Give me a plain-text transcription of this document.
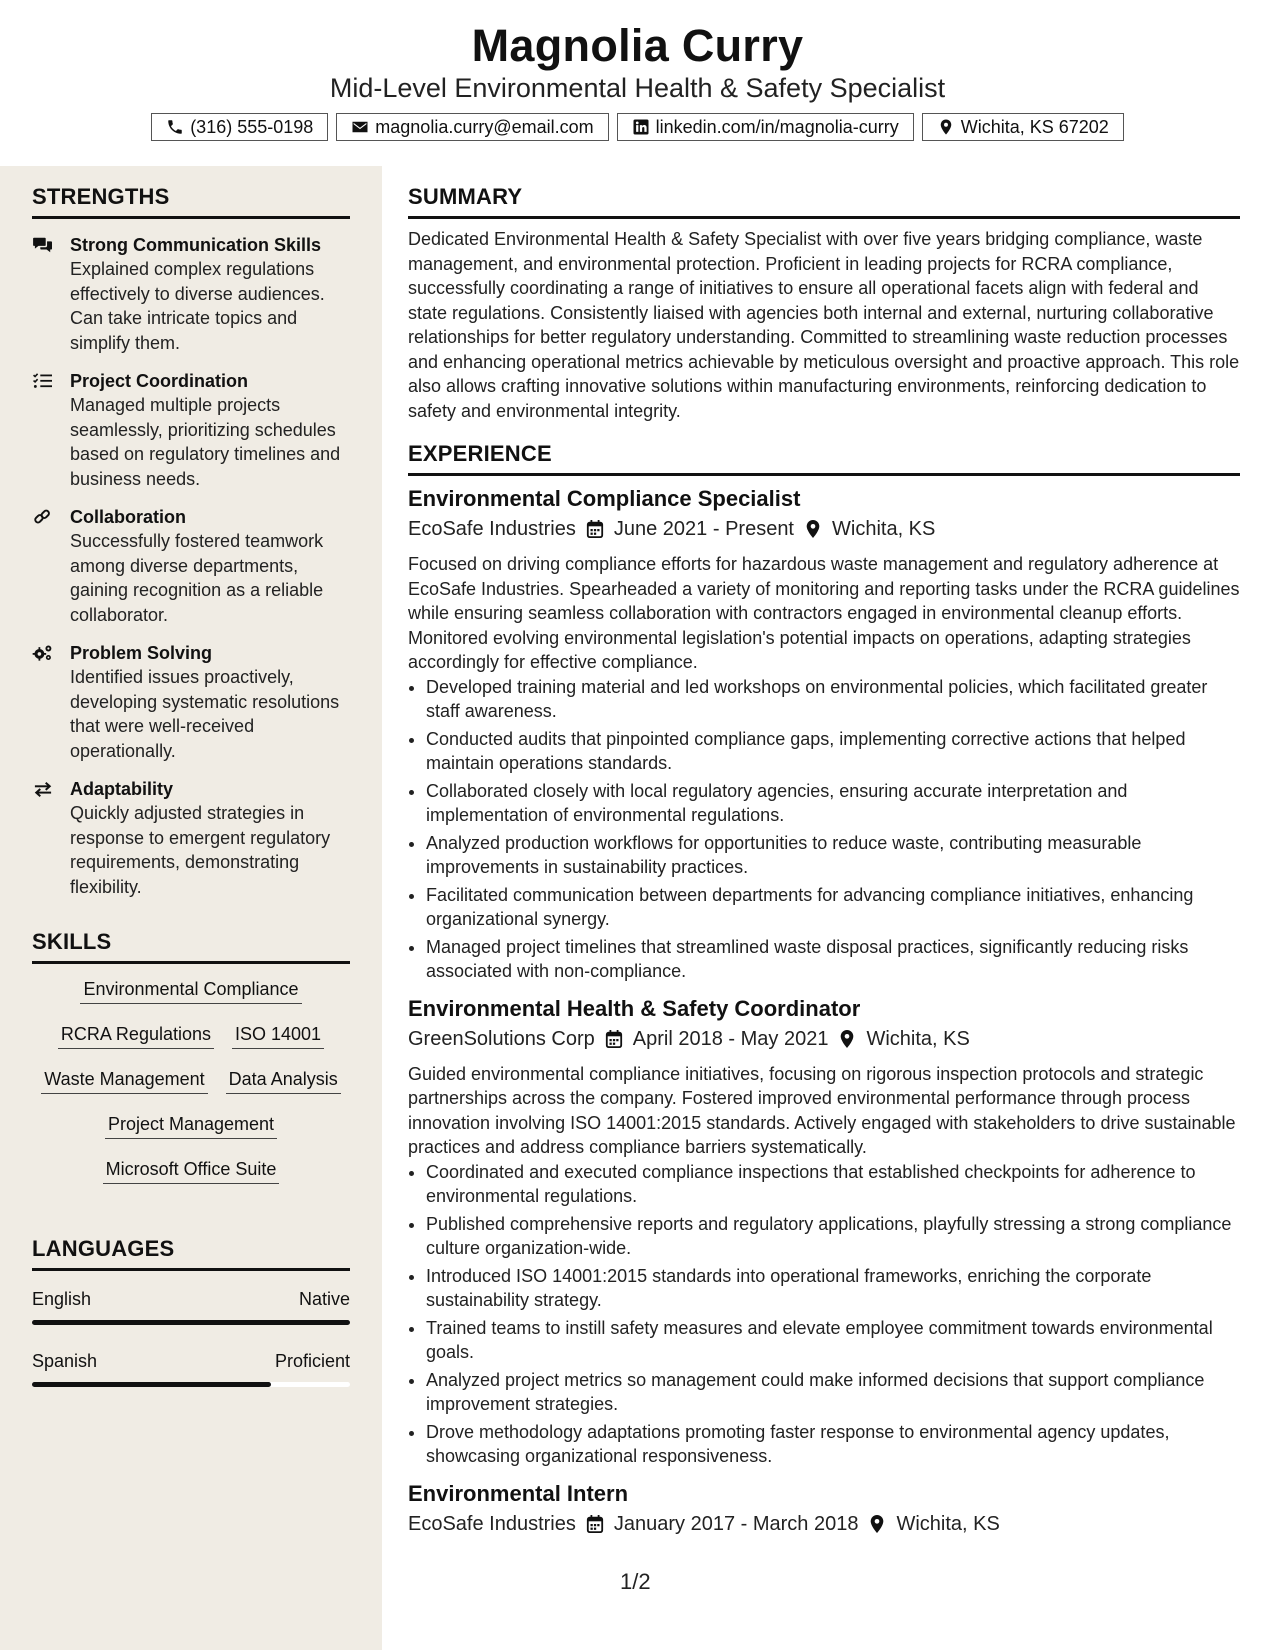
Magnolia Curry
Mid-Level Environmental Health & Safety Specialist
(316) 555-0198	magnolia.curry@email.com	linkedin.com/in/magnolia-curry	Wichita, KS 67202
STRENGTHS
Strong Communication Skills
Explained complex regulations effectively to diverse audiences. Can take intricate topics and simplify them.
Project Coordination
Managed multiple projects seamlessly, prioritizing schedules based on regulatory timelines and business needs.
Collaboration
Successfully fostered teamwork among diverse departments, gaining recognition as a reliable collaborator.
Problem Solving
Identified issues proactively, developing systematic resolutions that were well-received operationally.
Adaptability
Quickly adjusted strategies in response to emergent regulatory requirements, demonstrating flexibility.
SKILLS
Environmental Compliance
RCRA Regulations ISO 14001
Waste Management Data Analysis
Project Management
Microsoft Office Suite
LANGUAGES
English	Native
Spanish	Proficient
SUMMARY
Dedicated Environmental Health & Safety Specialist with over five years bridging compliance, waste management, and environmental protection. Proficient in leading projects for RCRA compliance, successfully coordinating a range of initiatives to ensure all operational facets align with federal and state regulations. Consistently liaised with agencies both internal and external, nurturing collaborative relationships for better regulatory understanding. Committed to streamlining waste reduction processes and enhancing operational metrics achievable by meticulous oversight and proactive approach. This role also allows crafting innovative solutions within manufacturing environments, reinforcing dedication to safety and environmental integrity.
EXPERIENCE
Environmental Compliance Specialist
EcoSafe Industries June 2021 - Present Wichita, KS
Focused on driving compliance efforts for hazardous waste management and regulatory adherence at EcoSafe Industries. Spearheaded a variety of monitoring and reporting tasks under the RCRA guidelines while ensuring seamless collaboration with contractors engaged in environmental cleanup efforts. Monitored evolving environmental legislation's potential impacts on operations, adapting strategies accordingly for effective compliance.
• Developed training material and led workshops on environmental policies, which facilitated greater staff awareness.
• Conducted audits that pinpointed compliance gaps, implementing corrective actions that helped maintain operations standards.
• Collaborated closely with local regulatory agencies, ensuring accurate interpretation and implementation of environmental regulations.
• Analyzed production workflows for opportunities to reduce waste, contributing measurable improvements in sustainability practices.
• Facilitated communication between departments for advancing compliance initiatives, enhancing organizational synergy.
• Managed project timelines that streamlined waste disposal practices, significantly reducing risks associated with non-compliance.
Environmental Health & Safety Coordinator
GreenSolutions Corp April 2018 - May 2021 Wichita, KS
Guided environmental compliance initiatives, focusing on rigorous inspection protocols and strategic partnerships across the company. Fostered improved environmental performance through process innovation involving ISO 14001:2015 standards. Actively engaged with stakeholders to drive sustainable practices and address compliance barriers systematically.
• Coordinated and executed compliance inspections that established checkpoints for adherence to environmental regulations.
• Published comprehensive reports and regulatory applications, playfully stressing a strong compliance culture organization-wide.
• Introduced ISO 14001:2015 standards into operational frameworks, enriching the corporate sustainability strategy.
• Trained teams to instill safety measures and elevate employee commitment towards environmental goals.
• Analyzed project metrics so management could make informed decisions that support compliance improvement strategies.
• Drove methodology adaptations promoting faster response to environmental agency updates, showcasing organizational responsiveness.
Environmental Intern
EcoSafe Industries January 2017 - March 2018 Wichita, KS
1/2
